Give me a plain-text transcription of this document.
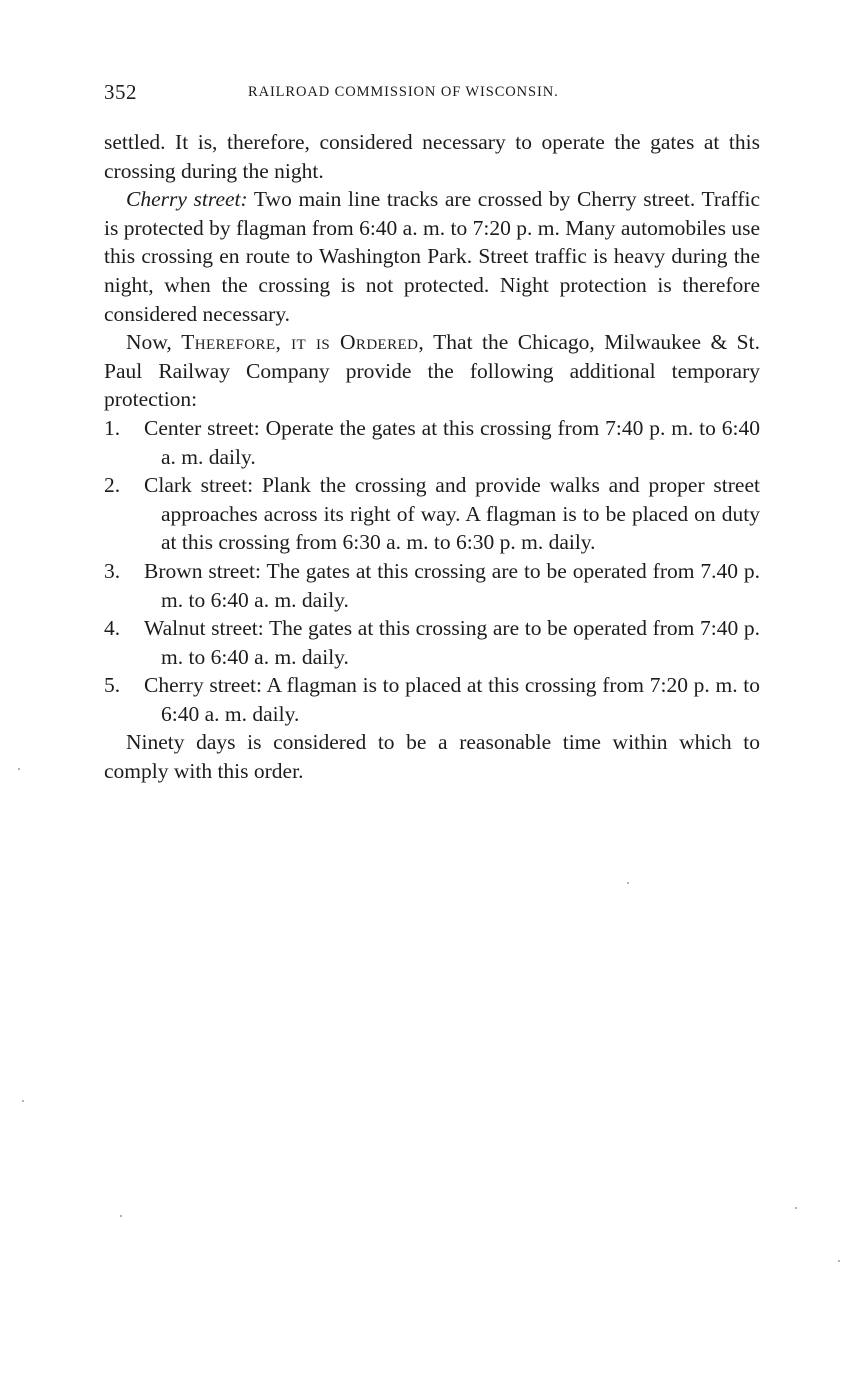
352	RAILROAD COMMISSION OF WISCONSIN.

settled. It is, therefore, considered necessary to operate the gates at this crossing during the night.

Cherry street: Two main line tracks are crossed by Cherry street. Traffic is protected by flagman from 6:40 a. m. to 7:20 p. m. Many automobiles use this crossing en route to Washington Park. Street traffic is heavy during the night, when the crossing is not protected. Night protection is therefore considered necessary.

Now, Therefore, it is Ordered, That the Chicago, Milwaukee & St. Paul Railway Company provide the following additional temporary protection:

1. Center street: Operate the gates at this crossing from 7:40 p. m. to 6:40 a. m. daily.

2. Clark street: Plank the crossing and provide walks and proper street approaches across its right of way. A flagman is to be placed on duty at this crossing from 6:30 a. m. to 6:30 p. m. daily.

3. Brown street: The gates at this crossing are to be operated from 7.40 p. m. to 6:40 a. m. daily.

4. Walnut street: The gates at this crossing are to be operated from 7:40 p. m. to 6:40 a. m. daily.

5. Cherry street: A flagman is to placed at this crossing from 7:20 p. m. to 6:40 a. m. daily.

Ninety days is considered to be a reasonable time within which to comply with this order.
